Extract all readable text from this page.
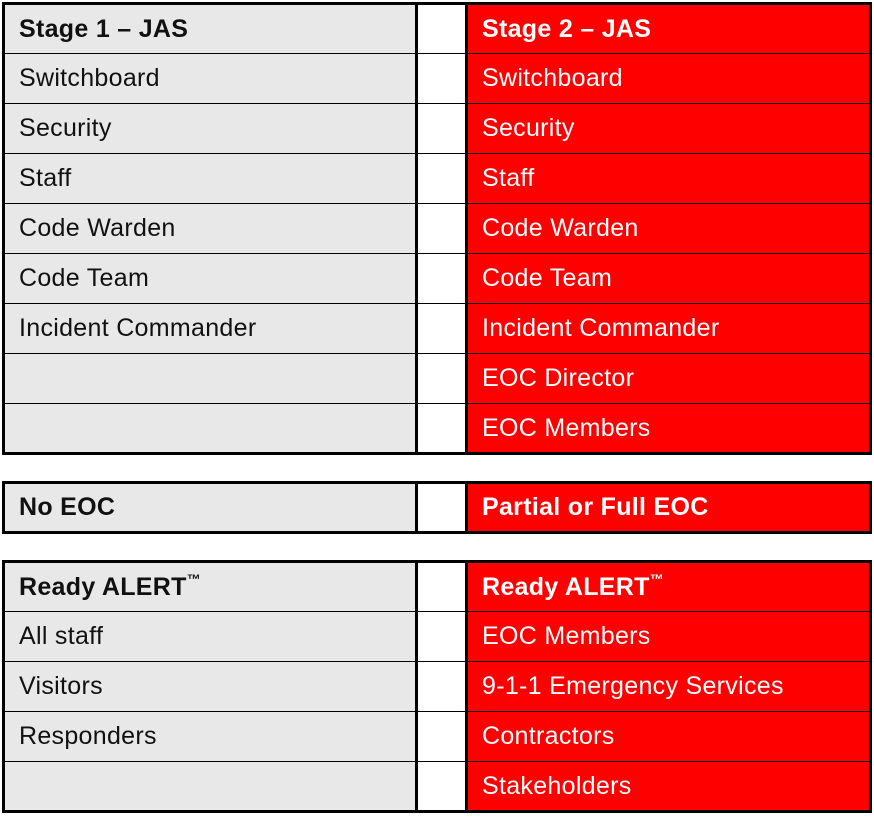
Stage 1 – JAS		Stage 2 – JAS
Switchboard		Switchboard
Security		Security
Staff		Staff
Code Warden		Code Warden
Code Team		Code Team
Incident Commander		Incident Commander
		EOC Director
		EOC Members
No EOC		Partial or Full EOC
Ready ALERT™		Ready ALERT™
All staff		EOC Members
Visitors		9-1-1 Emergency Services
Responders		Contractors
		Stakeholders
